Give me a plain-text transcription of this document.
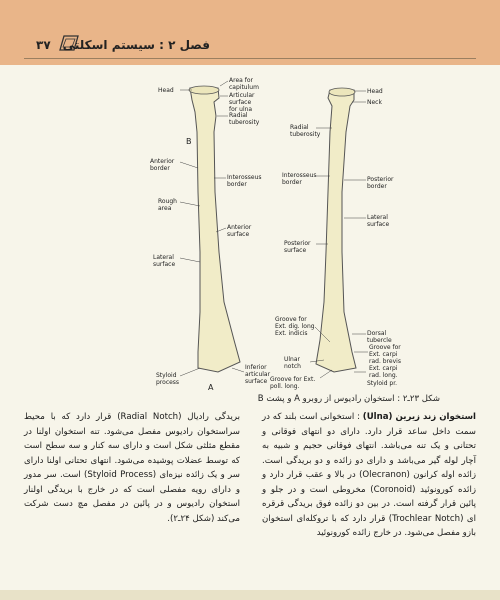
۳۷ فصل ۲ : سیستم اسکلتی
A
B
Head
Area for
capitulum
Articular
surface
for ulna
Radial
tuberosity
Anterior
border
Interosseus
border
Rough
area
Anterior
surface
Lateral
surface
Styloid
process
Inferior
articular
surface
Head
Neck
Radial
tuberosity
Interosseus
border	Posterior
border
Lateral
surface
Posterior
surface
Groove for
Ext. dig. long.
Ext. indicis	Dorsal
tubercle
Groove for
Ext. carpi
rad. brevis
Ext. carpi
rad. long.
Ulnar
notch
Groove for Ext.
poll. long.	Styloid pr.
شکل ۲۳ـ۲ : استخوان رادیوس از روبرو A و پشت B

استخوان زند زیرین (Ulna) : استخوانی است بلند که در سمت داخل ساعد قرار دارد. دارای دو انتهای فوقانی و تحتانی و یک تنه می‌باشد. انتهای فوقانی حجیم و شبیه به آچار لوله گیر می‌باشد و دارای دو زائده و دو بریدگی است. زائده اوله کرانون (Olecranon) در بالا و عقب قرار دارد و زائده کورونوئید (Coronoid) مخروطی است و در جلو و پائین قرار گرفته است. در بین دو زائده فوق بریدگی قرقره ای (Trochlear Notch) قرار دارد که با تروکله‌ای استخوان بازو مفصل می‌شود. در خارج زائده کورونوئید

بریدگی رادیال (Radial Notch) قرار دارد که با محیط سراستخوان رادیوس مفصل می‌شود. تنه استخوان اولنا در مقطع مثلثی شکل است و دارای سه کنار و سه سطح است که توسط عضلات پوشیده می‌شود. انتهای تحتانی اولنا دارای سر و یک زائده نیزه‌ای (Styloid Process) است. سر مدور و دارای رویه مفصلی است که در خارج با بریدگی اولنار استخوان رادیوس و در پائین در مفصل مچ دست شرکت می‌کند (شکل ۲۴ـ۲).
